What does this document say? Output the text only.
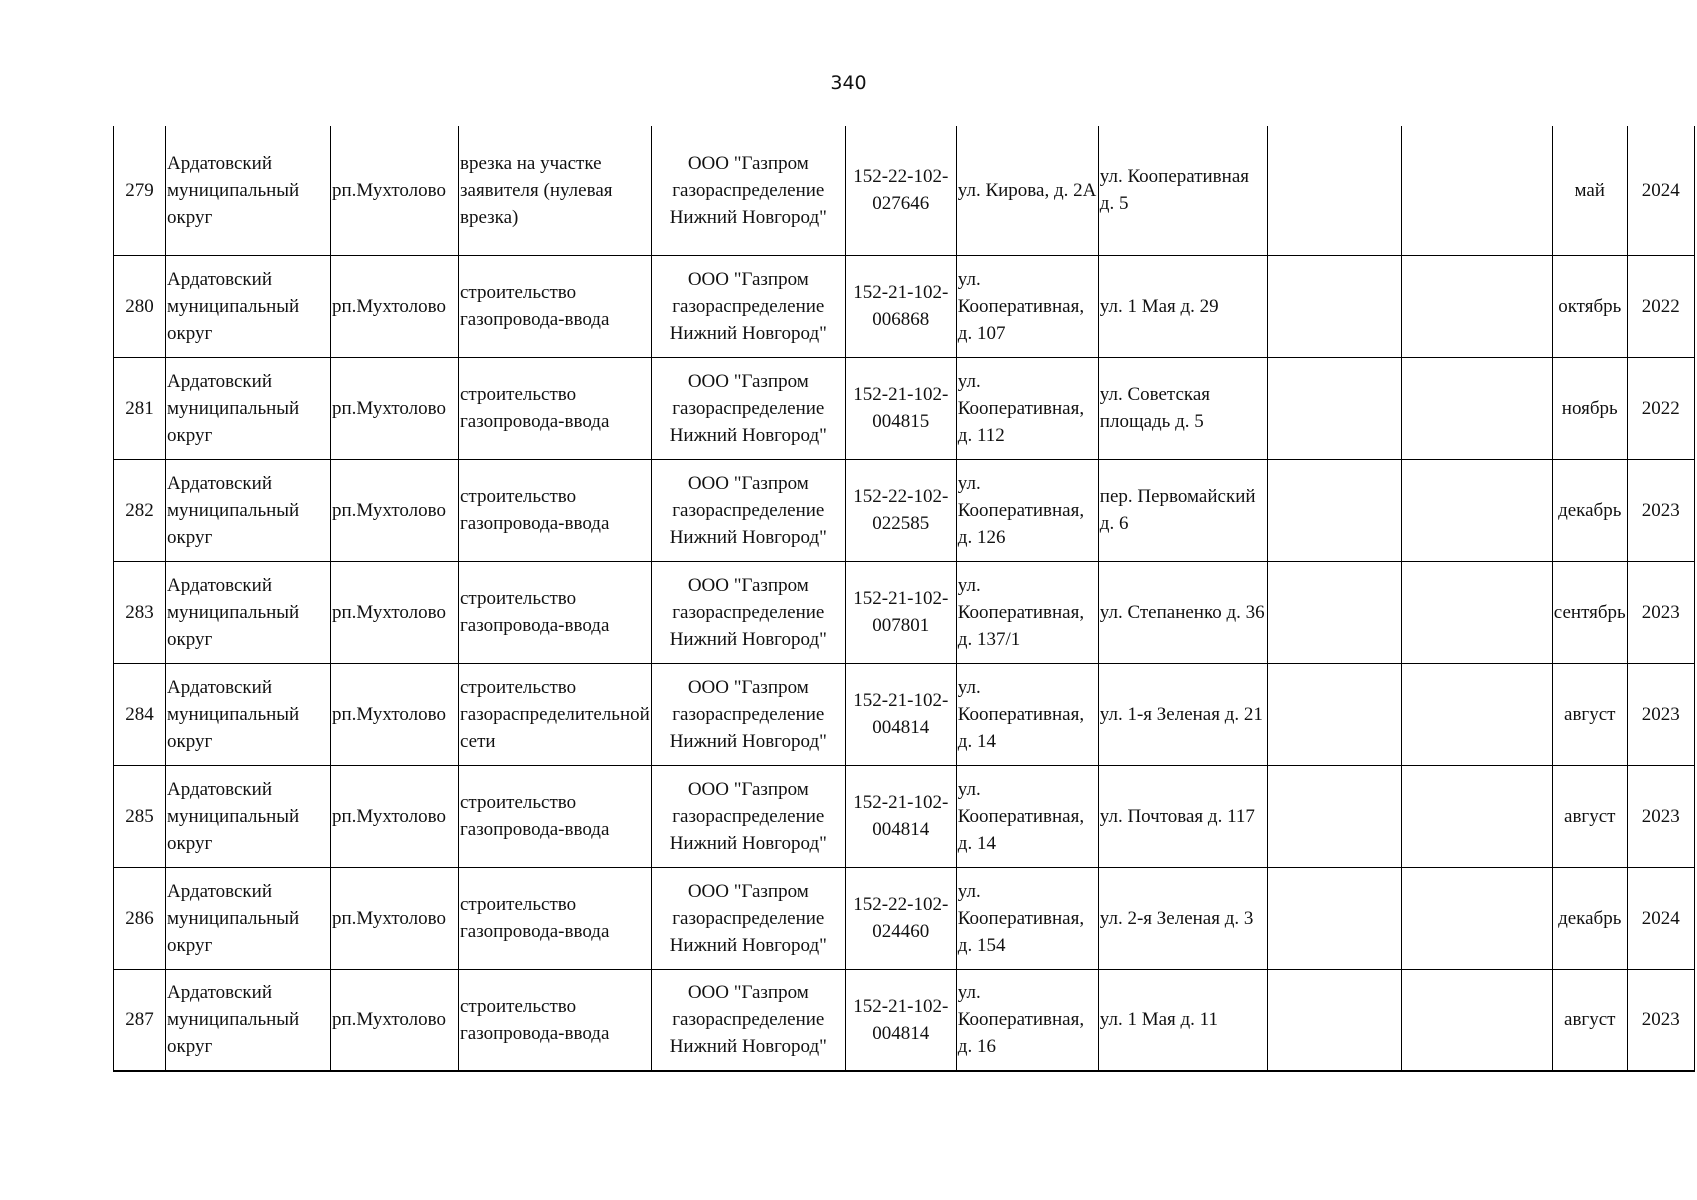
340
279	Ардатовский муниципальный округ	рп.Мухтолово	врезка на участке заявителя (нулевая врезка)	ООО "Газпром газораспределение Нижний Новгород"	152-22-102-027646	ул. Кирова, д. 2А	ул. Кооперативная д. 5			май	2024
280	Ардатовский муниципальный округ	рп.Мухтолово	строительство газопровода-ввода	ООО "Газпром газораспределение Нижний Новгород"	152-21-102-006868	ул. Кооперативная, д. 107	ул. 1 Мая д. 29			октябрь	2022
281	Ардатовский муниципальный округ	рп.Мухтолово	строительство газопровода-ввода	ООО "Газпром газораспределение Нижний Новгород"	152-21-102-004815	ул. Кооперативная, д. 112	ул. Советская площадь д. 5			ноябрь	2022
282	Ардатовский муниципальный округ	рп.Мухтолово	строительство газопровода-ввода	ООО "Газпром газораспределение Нижний Новгород"	152-22-102-022585	ул. Кооперативная, д. 126	пер. Первомайский д. 6			декабрь	2023
283	Ардатовский муниципальный округ	рп.Мухтолово	строительство газопровода-ввода	ООО "Газпром газораспределение Нижний Новгород"	152-21-102-007801	ул. Кооперативная, д. 137/1	ул. Степаненко д. 36			сентябрь	2023
284	Ардатовский муниципальный округ	рп.Мухтолово	строительство газораспределительной сети	ООО "Газпром газораспределение Нижний Новгород"	152-21-102-004814	ул. Кооперативная, д. 14	ул. 1-я Зеленая д. 21			август	2023
285	Ардатовский муниципальный округ	рп.Мухтолово	строительство газопровода-ввода	ООО "Газпром газораспределение Нижний Новгород"	152-21-102-004814	ул. Кооперативная, д. 14	ул. Почтовая д. 117			август	2023
286	Ардатовский муниципальный округ	рп.Мухтолово	строительство газопровода-ввода	ООО "Газпром газораспределение Нижний Новгород"	152-22-102-024460	ул. Кооперативная, д. 154	ул. 2-я Зеленая д. 3			декабрь	2024
287	Ардатовский муниципальный округ	рп.Мухтолово	строительство газопровода-ввода	ООО "Газпром газораспределение Нижний Новгород"	152-21-102-004814	ул. Кооперативная, д. 16	ул. 1 Мая д. 11			август	2023
